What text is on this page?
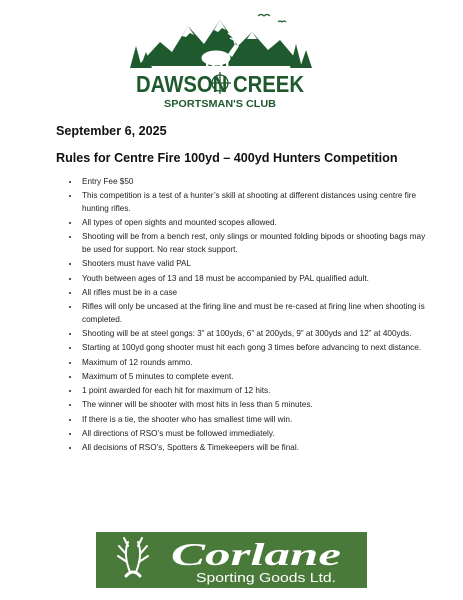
DAWSON CREEK
SPORTSMAN'S CLUB
September 6, 2025
Rules for Centre Fire 100yd – 400yd Hunters Competition
• Entry Fee $50
• This competition is a test of a hunter’s skill at shooting at different distances using centre fire hunting rifles.
• All types of open sights and mounted scopes allowed.
• Shooting will be from a bench rest, only slings or mounted folding bipods or shooting bags may be used for support. No rear stock support.
• Shooters must have valid PAL
• Youth between ages of 13 and 18 must be accompanied by PAL qualified adult.
• All rifles must be in a case
• Rifles will only be uncased at the firing line and must be re-cased at firing line when shooting is completed.
• Shooting will be at steel gongs: 3” at 100yds, 6” at 200yds, 9” at 300yds and 12” at 400yds.
• Starting at 100yd gong shooter must hit each gong 3 times before advancing to next distance.
• Maximum of 12 rounds ammo.
• Maximum of 5 minutes to complete event.
• 1 point awarded for each hit for maximum of 12 hits.
• The winner will be shooter with most hits in less than 5 minutes.
• If there is a tie, the shooter who has smallest time will win.
• All directions of RSO’s must be followed immediately.
• All decisions of RSO’s, Spotters & Timekeepers will be final.
Corlane
Sporting Goods Ltd.
